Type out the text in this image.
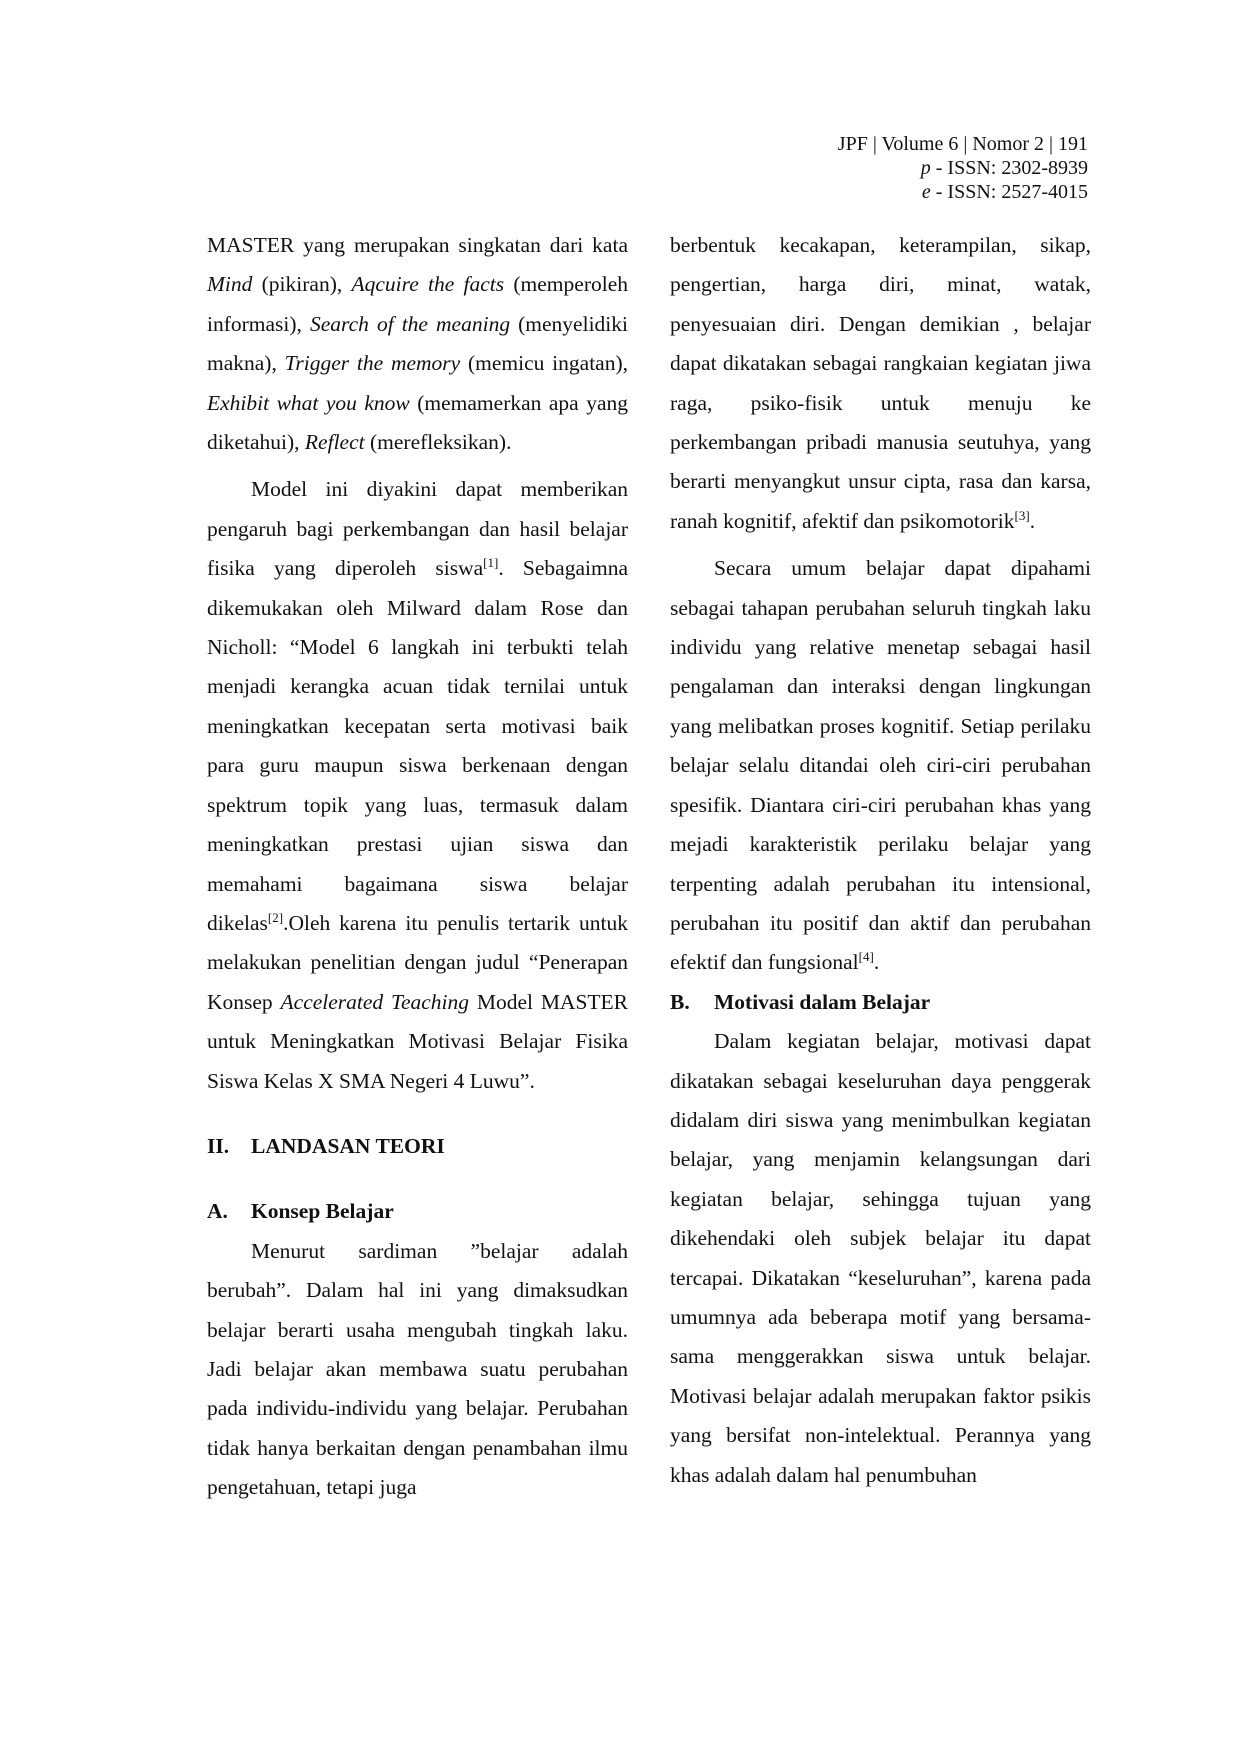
JPF | Volume 6 | Nomor 2 | 191
p - ISSN: 2302-8939
e - ISSN: 2527-4015

MASTER yang merupakan singkatan dari kata Mind (pikiran), Aqcuire the facts (memperoleh informasi), Search of the meaning (menyelidiki makna), Trigger the memory (memicu ingatan), Exhibit what you know (memamerkan apa yang diketahui), Reflect (merefleksikan).

Model ini diyakini dapat memberikan pengaruh bagi perkembangan dan hasil belajar fisika yang diperoleh siswa[1]. Sebagaimna dikemukakan oleh Milward dalam Rose dan Nicholl: “Model 6 langkah ini terbukti telah menjadi kerangka acuan tidak ternilai untuk meningkatkan kecepatan serta motivasi baik para guru maupun siswa berkenaan dengan spektrum topik yang luas, termasuk dalam meningkatkan prestasi ujian siswa dan memahami bagaimana siswa belajar dikelas[2].Oleh karena itu penulis tertarik untuk melakukan penelitian dengan judul “Penerapan Konsep Accelerated Teaching Model MASTER untuk Meningkatkan Motivasi Belajar Fisika Siswa Kelas X SMA Negeri 4 Luwu”.

II.	LANDASAN TEORI
A.	Konsep Belajar

Menurut sardiman ”belajar adalah berubah”. Dalam hal ini yang dimaksudkan belajar berarti usaha mengubah tingkah laku. Jadi belajar akan membawa suatu perubahan pada individu-individu yang belajar. Perubahan tidak hanya berkaitan dengan penambahan ilmu pengetahuan, tetapi juga

berbentuk kecakapan, keterampilan, sikap, pengertian, harga diri, minat, watak, penyesuaian diri. Dengan demikian , belajar dapat dikatakan sebagai rangkaian kegiatan jiwa raga, psiko-fisik untuk menuju ke perkembangan pribadi manusia seutuhya, yang berarti menyangkut unsur cipta, rasa dan karsa, ranah kognitif, afektif dan psikomotorik[3].

Secara umum belajar dapat dipahami sebagai tahapan perubahan seluruh tingkah laku individu yang relative menetap sebagai hasil pengalaman dan interaksi dengan lingkungan yang melibatkan proses kognitif. Setiap perilaku belajar selalu ditandai oleh ciri-ciri perubahan spesifik. Diantara ciri-ciri perubahan khas yang mejadi karakteristik perilaku belajar yang terpenting adalah perubahan itu intensional, perubahan itu positif dan aktif dan perubahan efektif dan fungsional[4].

B.	Motivasi dalam Belajar

Dalam kegiatan belajar, motivasi dapat dikatakan sebagai keseluruhan daya penggerak didalam diri siswa yang menimbulkan kegiatan belajar, yang menjamin kelangsungan dari kegiatan belajar, sehingga tujuan yang dikehendaki oleh subjek belajar itu dapat tercapai. Dikatakan “keseluruhan”, karena pada umumnya ada beberapa motif yang bersama-sama menggerakkan siswa untuk belajar. Motivasi belajar adalah merupakan faktor psikis yang bersifat non-intelektual. Perannya yang khas adalah dalam hal penumbuhan
